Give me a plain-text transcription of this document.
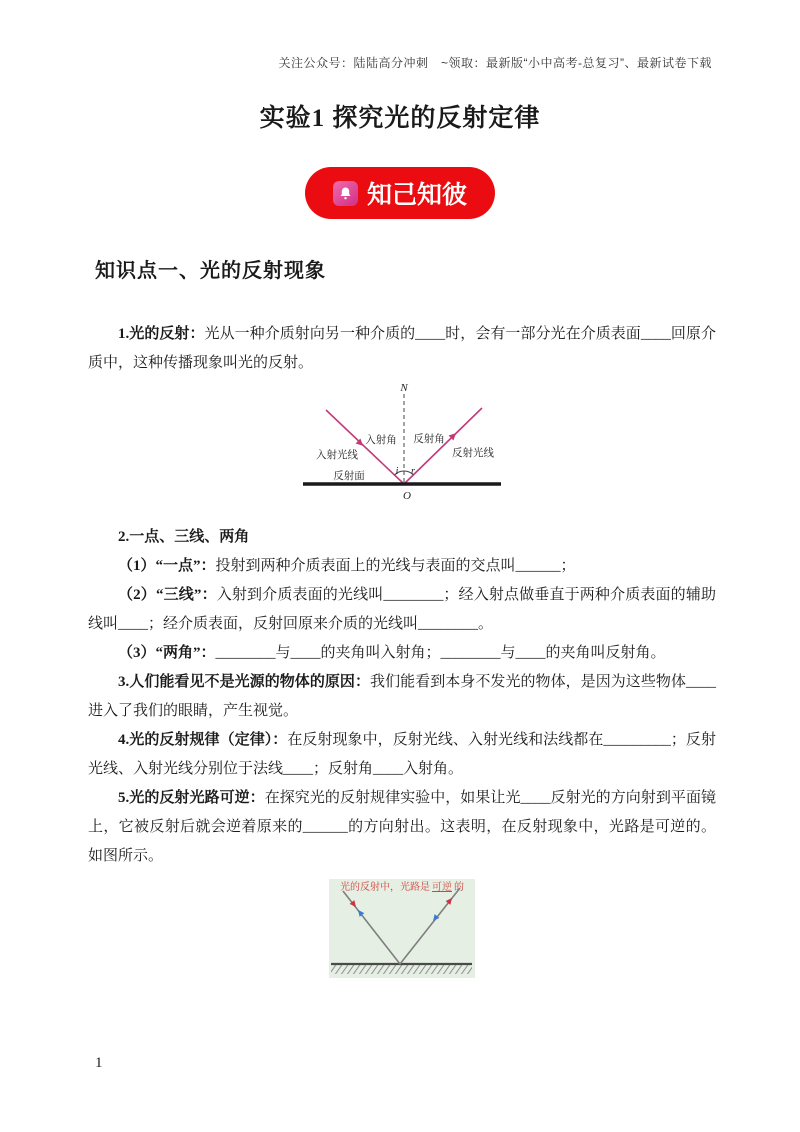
关注公众号：陆陆高分冲刺　~领取：最新版“小中高考-总复习”、最新试卷下载
实验1 探究光的反射定律
知己知彼
知识点一、光的反射现象

1.光的反射：光从一种介质射向另一种介质的____时，会有一部分光在介质表面____回原介质中，这种传播现象叫光的反射。

N
入射角 反射角
入射光线	反射光线
反射面	i r
O

2.一点、三线、两角

（1）“一点”：投射到两种介质表面上的光线与表面的交点叫______；

（2）“三线”：入射到介质表面的光线叫________；经入射点做垂直于两种介质表面的辅助线叫____；经介质表面，反射回原来介质的光线叫________。

（3）“两角”：________与____的夹角叫入射角；________与____的夹角叫反射角。

3.人们能看见不是光源的物体的原因：我们能看到本身不发光的物体，是因为这些物体____进入了我们的眼睛，产生视觉。

4.光的反射规律（定律）：在反射现象中，反射光线、入射光线和法线都在_________；反射光线、入射光线分别位于法线____；反射角____入射角。

5.光的反射光路可逆：在探究光的反射规律实验中，如果让光____反射光的方向射到平面镜上，它被反射后就会逆着原来的______的方向射出。这表明，在反射现象中，光路是可逆的。如图所示。

光的反射中，光路是 可逆 的
1
